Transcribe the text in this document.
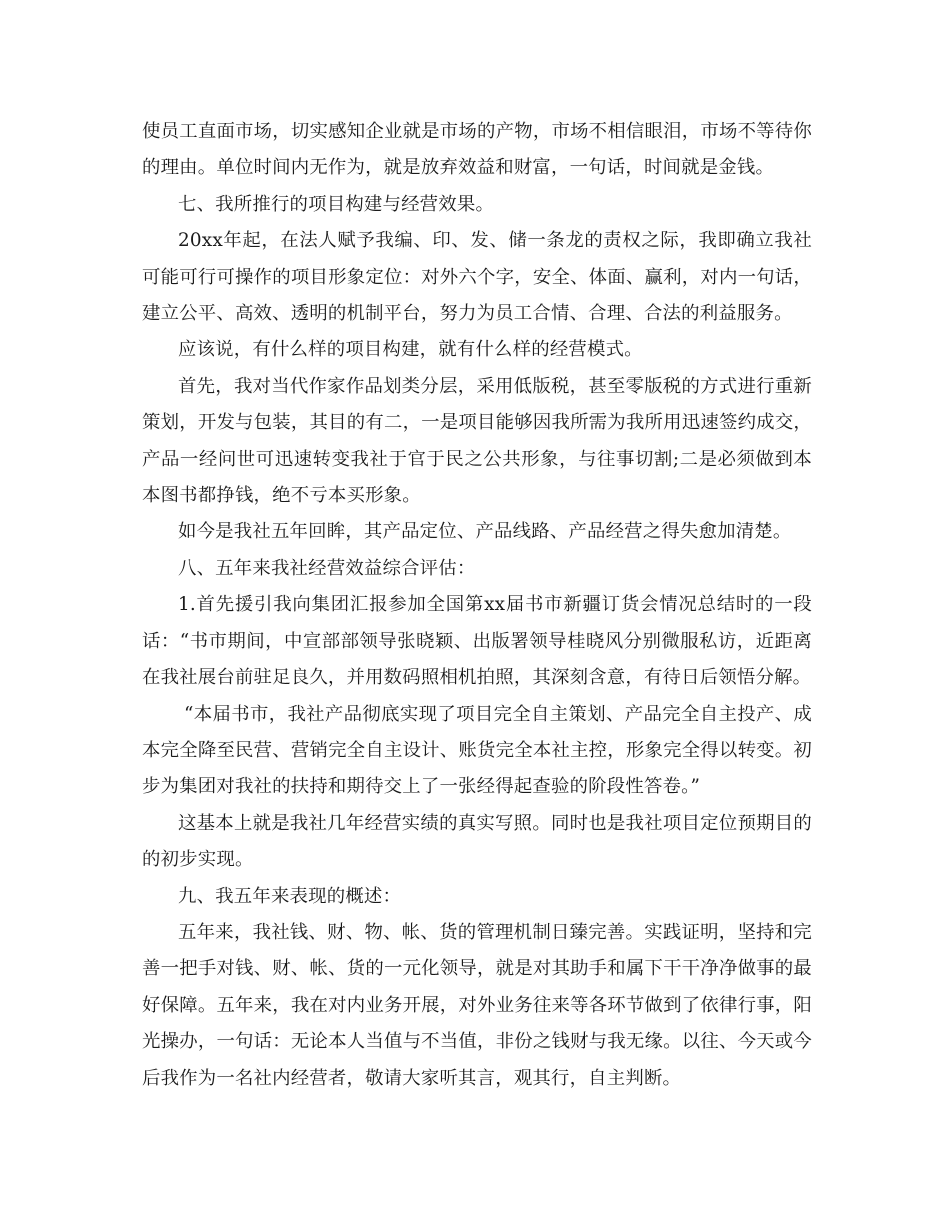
使员工直面市场，切实感知企业就是市场的产物，市场不相信眼泪，市场不等待你的理由。单位时间内无作为，就是放弃效益和财富，一句话，时间就是金钱。

七、我所推行的项目构建与经营效果。

20xx年起，在法人赋予我编、印、发、储一条龙的责权之际，我即确立我社可能可行可操作的项目形象定位：对外六个字，安全、体面、赢利，对内一句话，建立公平、高效、透明的机制平台，努力为员工合情、合理、合法的利益服务。

应该说，有什么样的项目构建，就有什么样的经营模式。

首先，我对当代作家作品划类分层，采用低版税，甚至零版税的方式进行重新策划，开发与包装，其目的有二，一是项目能够因我所需为我所用迅速签约成交，产品一经问世可迅速转变我社于官于民之公共形象，与往事切割;二是必须做到本本图书都挣钱，绝不亏本买形象。

如今是我社五年回眸，其产品定位、产品线路、产品经营之得失愈加清楚。

八、五年来我社经营效益综合评估：

1.首先援引我向集团汇报参加全国第xx届书市新疆订货会情况总结时的一段话：“书市期间，中宣部部领导张晓颖、出版署领导桂晓风分别微服私访，近距离在我社展台前驻足良久，并用数码照相机拍照，其深刻含意，有待日后领悟分解。

“本届书市，我社产品彻底实现了项目完全自主策划、产品完全自主投产、成本完全降至民营、营销完全自主设计、账货完全本社主控，形象完全得以转变。初步为集团对我社的扶持和期待交上了一张经得起查验的阶段性答卷。”

这基本上就是我社几年经营实绩的真实写照。同时也是我社项目定位预期目的的初步实现。

九、我五年来表现的概述：

五年来，我社钱、财、物、帐、货的管理机制日臻完善。实践证明，坚持和完善一把手对钱、财、帐、货的一元化领导，就是对其助手和属下干干净净做事的最好保障。五年来，我在对内业务开展，对外业务往来等各环节做到了依律行事，阳光操办，一句话：无论本人当值与不当值，非份之钱财与我无缘。以往、今天或今后我作为一名社内经营者，敬请大家听其言，观其行，自主判断。
